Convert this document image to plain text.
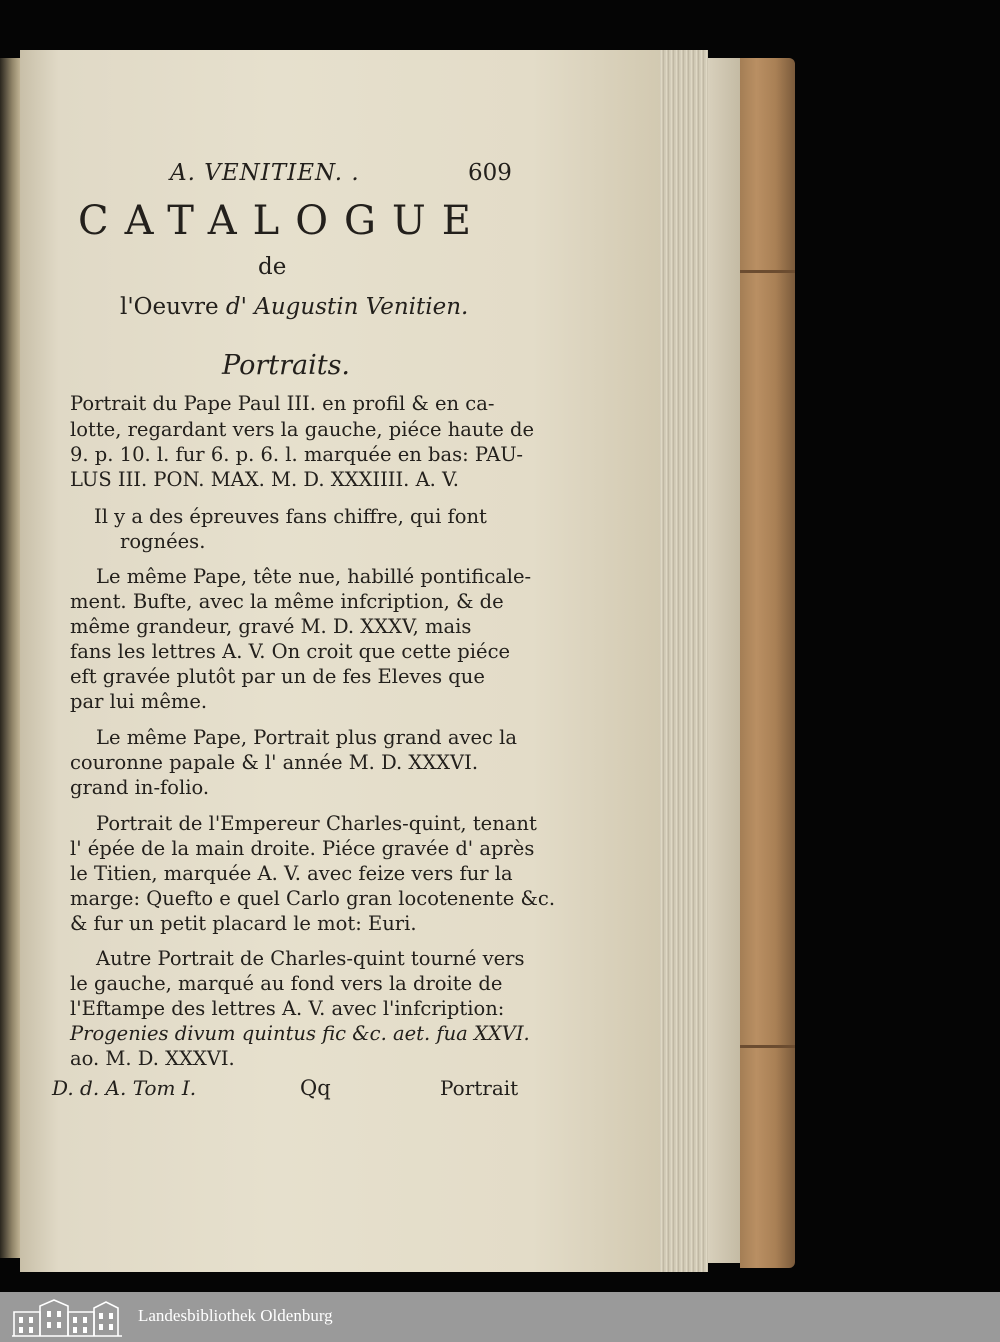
A. VENITIEN. .	609
CATALOGUE
de
l'Oeuvre d' Augustin Venitien.
Portraits.
Portrait du Pape Paul III. en profil & en ca-
lotte, regardant vers la gauche, piéce haute de
9. p. 10. l. fur 6. p. 6. l. marquée en bas: PAU-
LUS III. PON. MAX. M. D. XXXIIII. A. V.
Il y a des épreuves fans chiffre, qui font
rognées.
Le même Pape, tête nue, habillé pontificale-
ment. Bufte, avec la même infcription, & de
même grandeur, gravé M. D. XXXV, mais
fans les lettres A. V. On croit que cette piéce
eft gravée plutôt par un de fes Eleves que
par lui même.
Le même Pape, Portrait plus grand avec la
couronne papale & l' année M. D. XXXVI.
grand in-folio.
Portrait de l'Empereur Charles-quint, tenant
l' épée de la main droite. Piéce gravée d' après
le Titien, marquée A. V. avec feize vers fur la
marge: Quefto e quel Carlo gran locotenente &c.
& fur un petit placard le mot: Euri.
Autre Portrait de Charles-quint tourné vers
le gauche, marqué au fond vers la droite de
l'Eftampe des lettres A. V. avec l'infcription:
Progenies divum quintus fic &c. aet. fua XXVI.
ao. M. D. XXXVI.
D. d. A. Tom I.	Qq	Portrait
Landesbibliothek Oldenburg
